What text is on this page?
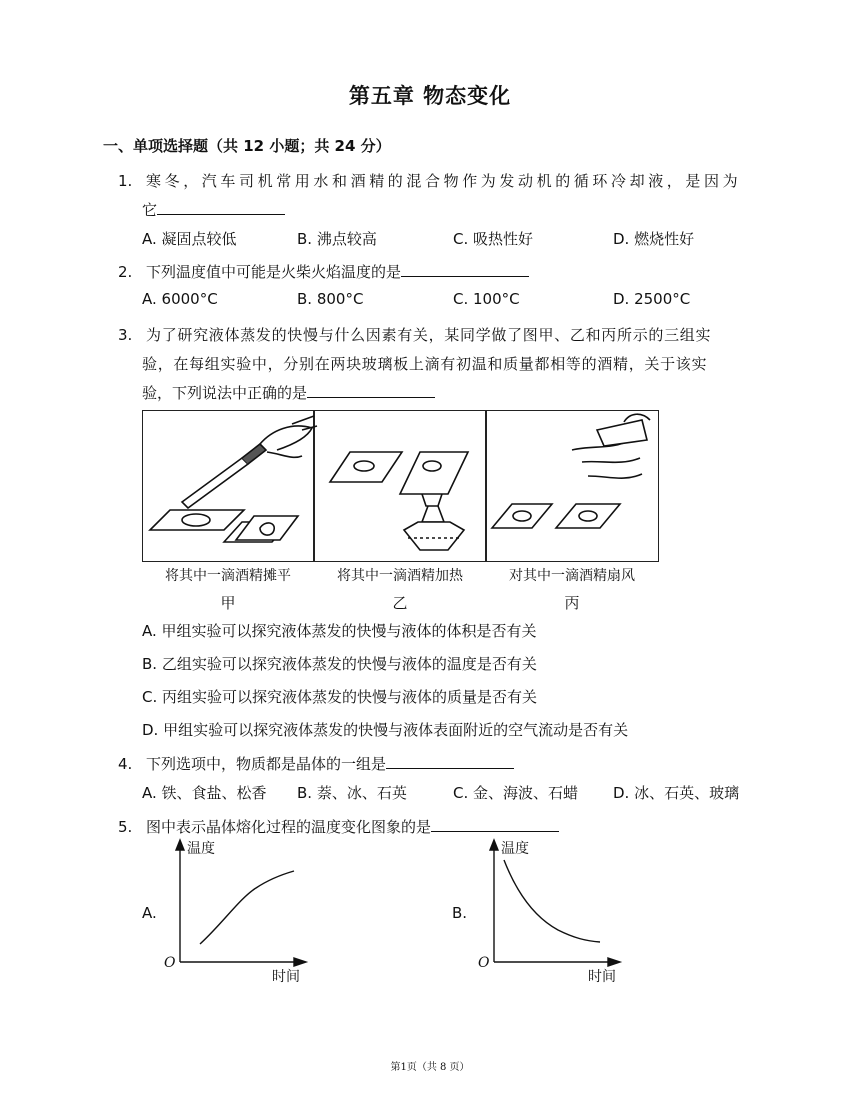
第五章 物态变化
一、单项选择题（共 12 小题；共 24 分）
1. 寒冬，汽车司机常用水和酒精的混合物作为发动机的循环冷却液，是因为
它
A. 凝固点较低	B. 沸点较高	C. 吸热性好	D. 燃烧性好
2. 下列温度值中可能是火柴火焰温度的是
A. 6000°C	B. 800°C	C. 100°C	D. 2500°C
3. 为了研究液体蒸发的快慢与什么因素有关，某同学做了图甲、乙和丙所示的三组实
验，在每组实验中，分别在两块玻璃板上滴有初温和质量都相等的酒精，关于该实
验，下列说法中正确的是
将其中一滴酒精摊平	将其中一滴酒精加热	对其中一滴酒精扇风
甲	乙	丙
A. 甲组实验可以探究液体蒸发的快慢与液体的体积是否有关
B. 乙组实验可以探究液体蒸发的快慢与液体的温度是否有关
C. 丙组实验可以探究液体蒸发的快慢与液体的质量是否有关
D. 甲组实验可以探究液体蒸发的快慢与液体表面附近的空气流动是否有关
4. 下列选项中，物质都是晶体的一组是
A. 铁、食盐、松香 B. 萘、冰、石英	C. 金、海波、石蜡 D. 冰、石英、玻璃
5. 图中表示晶体熔化过程的温度变化图象的是
A.
温度
时间
O
B.
温度
时间
O
第1页（共 8 页）
